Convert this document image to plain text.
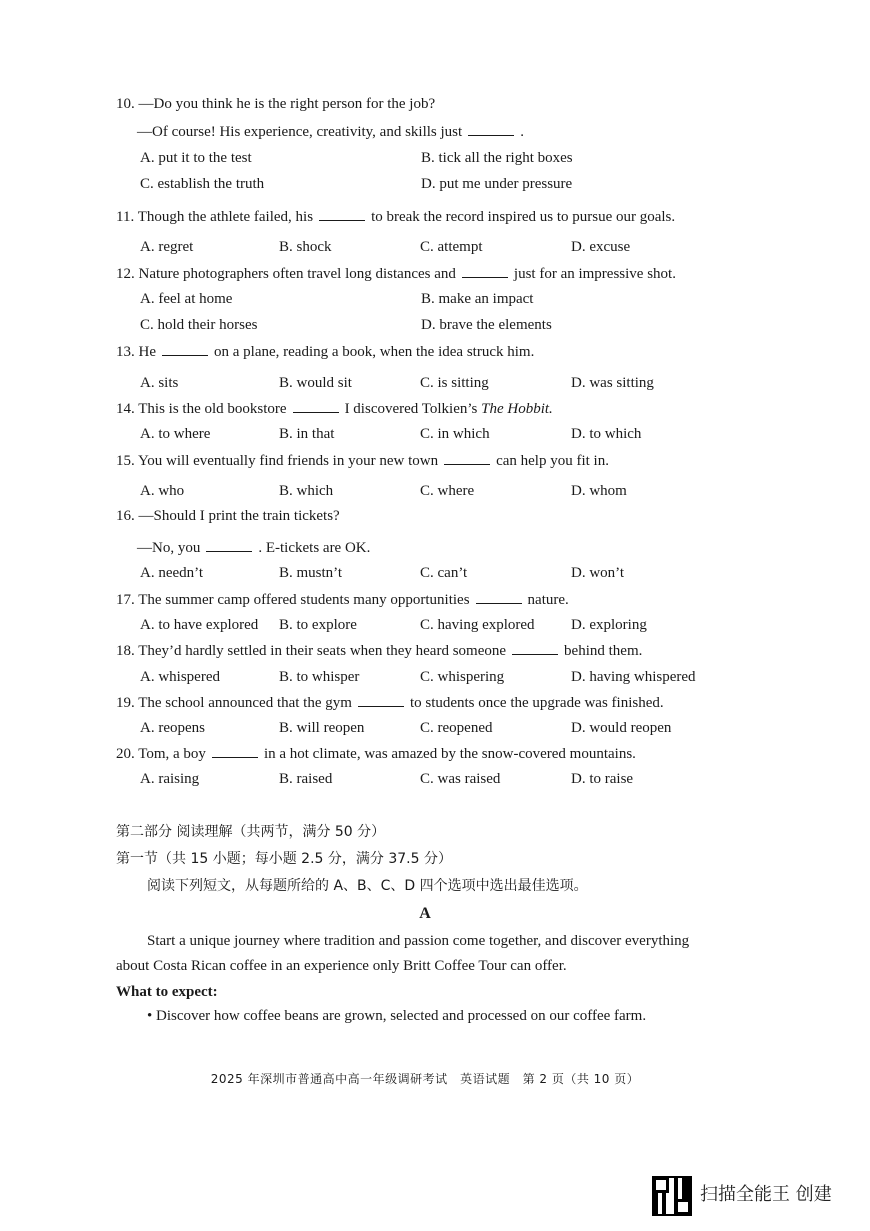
10. —Do you think he is the right person for the job?
—Of course! His experience, creativity, and skills just	.
A. put it to the test	B. tick all the right boxes
C. establish the truth	D. put me under pressure
11. Though the athlete failed, his	to break the record inspired us to pursue our goals.
A. regret	B. shock	C. attempt	D. excuse
12. Nature photographers often travel long distances and	just for an impressive shot.
A. feel at home	B. make an impact
C. hold their horses	D. brave the elements
13. He	on a plane, reading a book, when the idea struck him.
A. sits	B. would sit	C. is sitting	D. was sitting
14. This is the old bookstore	I discovered Tolkien’s The Hobbit.
A. to where	B. in that	C. in which	D. to which
15. You will eventually find friends in your new town	can help you fit in.
A. who	B. which	C. where	D. whom
16. —Should I print the train tickets?
—No, you	. E-tickets are OK.
A. needn’t	B. mustn’t	C. can’t	D. won’t
17. The summer camp offered students many opportunities	nature.
A. to have explored B. to explore	C. having explored D. exploring
18. They’d hardly settled in their seats when they heard someone	behind them.
A. whispered	B. to whisper	C. whispering	D. having whispered
19. The school announced that the gym	to students once the upgrade was finished.
A. reopens	B. will reopen	C. reopened	D. would reopen
20. Tom, a boy	in a hot climate, was amazed by the snow-covered mountains.
A. raising	B. raised	C. was raised	D. to raise
第二部分 阅读理解（共两节，满分 50 分）
第一节（共 15 小题；每小题 2.5 分，满分 37.5 分）
阅读下列短文，从每题所给的 A、B、C、D 四个选项中选出最佳选项。
A
Start a unique journey where tradition and passion come together, and discover everything
about Costa Rican coffee in an experience only Britt Coffee Tour can offer.
What to expect:
• Discover how coffee beans are grown, selected and processed on our coffee farm.
2025 年深圳市普通高中高一年级调研考试　英语试题　第 2 页（共 10 页）
扫描全能王 创建
